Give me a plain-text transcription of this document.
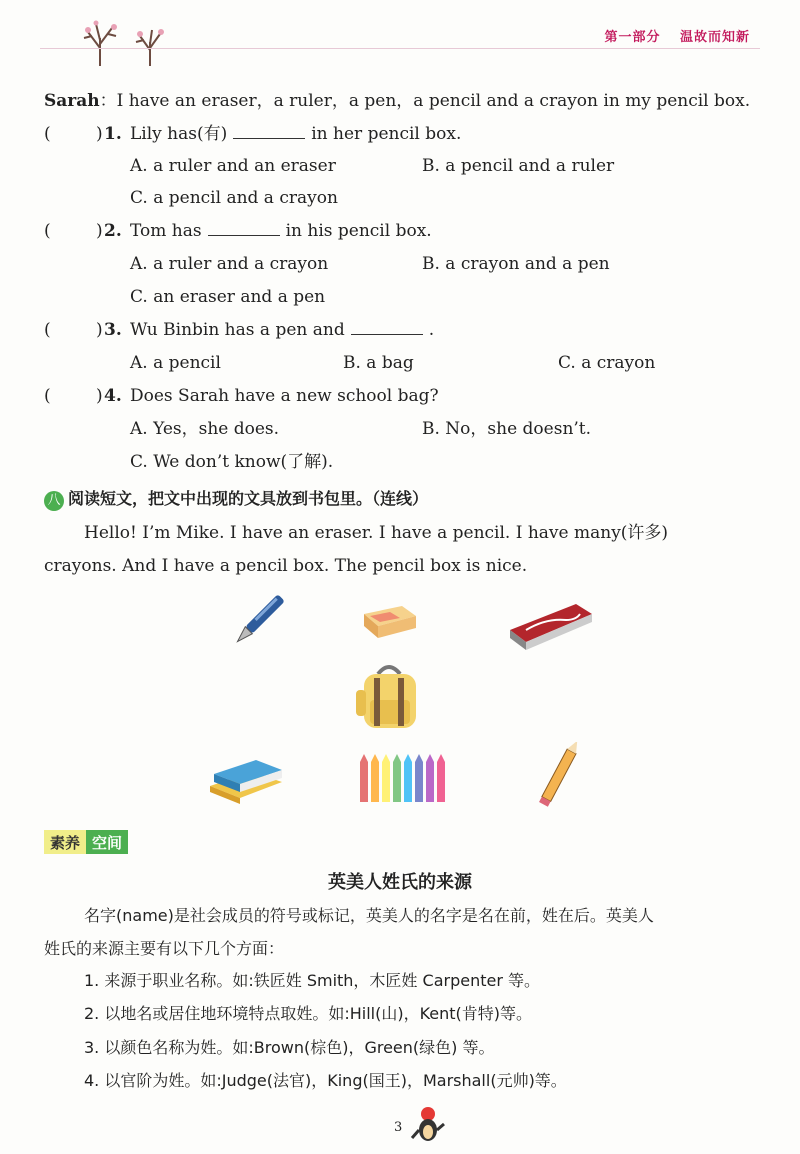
第一部分 温故而知新
Sarah：I have an eraser，a ruler，a pen，a pencil and a crayon in my pencil box.
(	) 1. Lily has(有)	in her pencil box.
A. a ruler and an eraser	B. a pencil and a ruler
C. a pencil and a crayon
(	) 2. Tom has	in his pencil box.
A. a ruler and a crayon	B. a crayon and a pen
C. an eraser and a pen
(	) 3. Wu Binbin has a pen and	.
A. a pencil	B. a bag	C. a crayon
(	) 4. Does Sarah have a new school bag?
A. Yes，she does.	B. No，she doesn’t.
C. We don’t know(了解).
八 阅读短文，把文中出现的文具放到书包里。（连线）
Hello! I’m Mike. I have an eraser. I have a pencil. I have many(许多)
crayons. And I have a pencil box. The pencil box is nice.
素养 空间
英美人姓氏的来源
名字(name)是社会成员的符号或标记，英美人的名字是名在前，姓在后。英美人
姓氏的来源主要有以下几个方面：
1. 来源于职业名称。如:铁匠姓 Smith，木匠姓 Carpenter 等。
2. 以地名或居住地环境特点取姓。如:Hill(山)，Kent(肯特)等。
3. 以颜色名称为姓。如:Brown(棕色)，Green(绿色) 等。
4. 以官阶为姓。如:Judge(法官)，King(国王)，Marshall(元帅)等。
3
